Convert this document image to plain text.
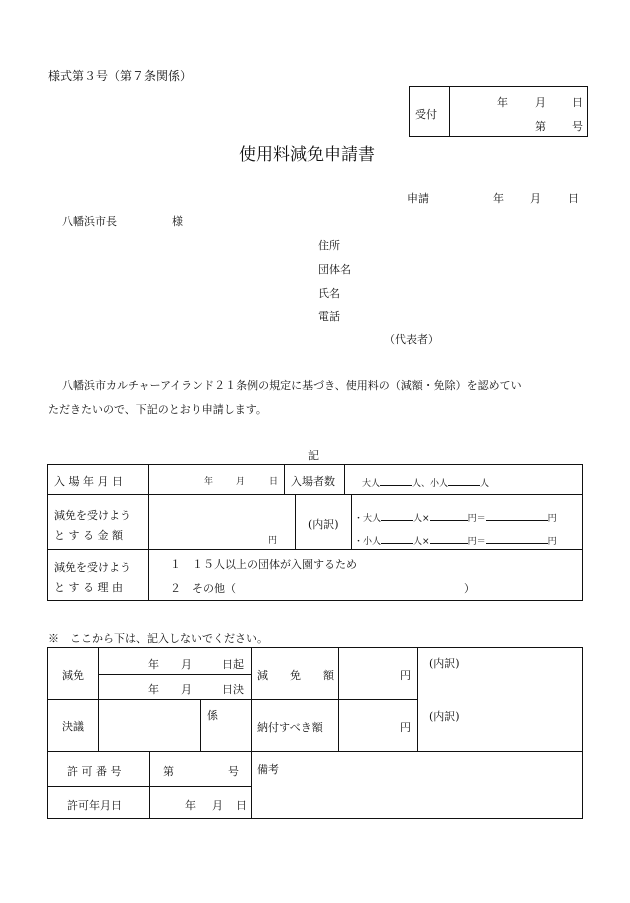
様式第３号（第７条関係）
受付
年 月 日
第 号
使用料減免申請書
申請	年 月 日
八幡浜市長	様
住所
団体名
氏名
電話
（代表者）
八幡浜市カルチャーアイランド２１条例の規定に基づき、使用料の（減額・免除）を認めてい
ただきたいので、下記のとおり申請します。
記
入 場 年 月 日	年	月	日 入場者数	大人	人、小人	人
減免を受けよう
と す る 金 額	円
(内訳) ・大人	人×	円＝	円
・小人	人×	円＝	円
減免を受けよう
と す る 理 由
１　１５人以上の団体が入園するため
２　その他（	）
※　ここから下は、記入しないでください。
減免
年 月	日起
年 月	日決
減　　免　　額	円
(内訳)
決議
係
納付すべき額	円
(内訳)
許 可 番 号	第	号 備考
許可年月日	年 月 日
